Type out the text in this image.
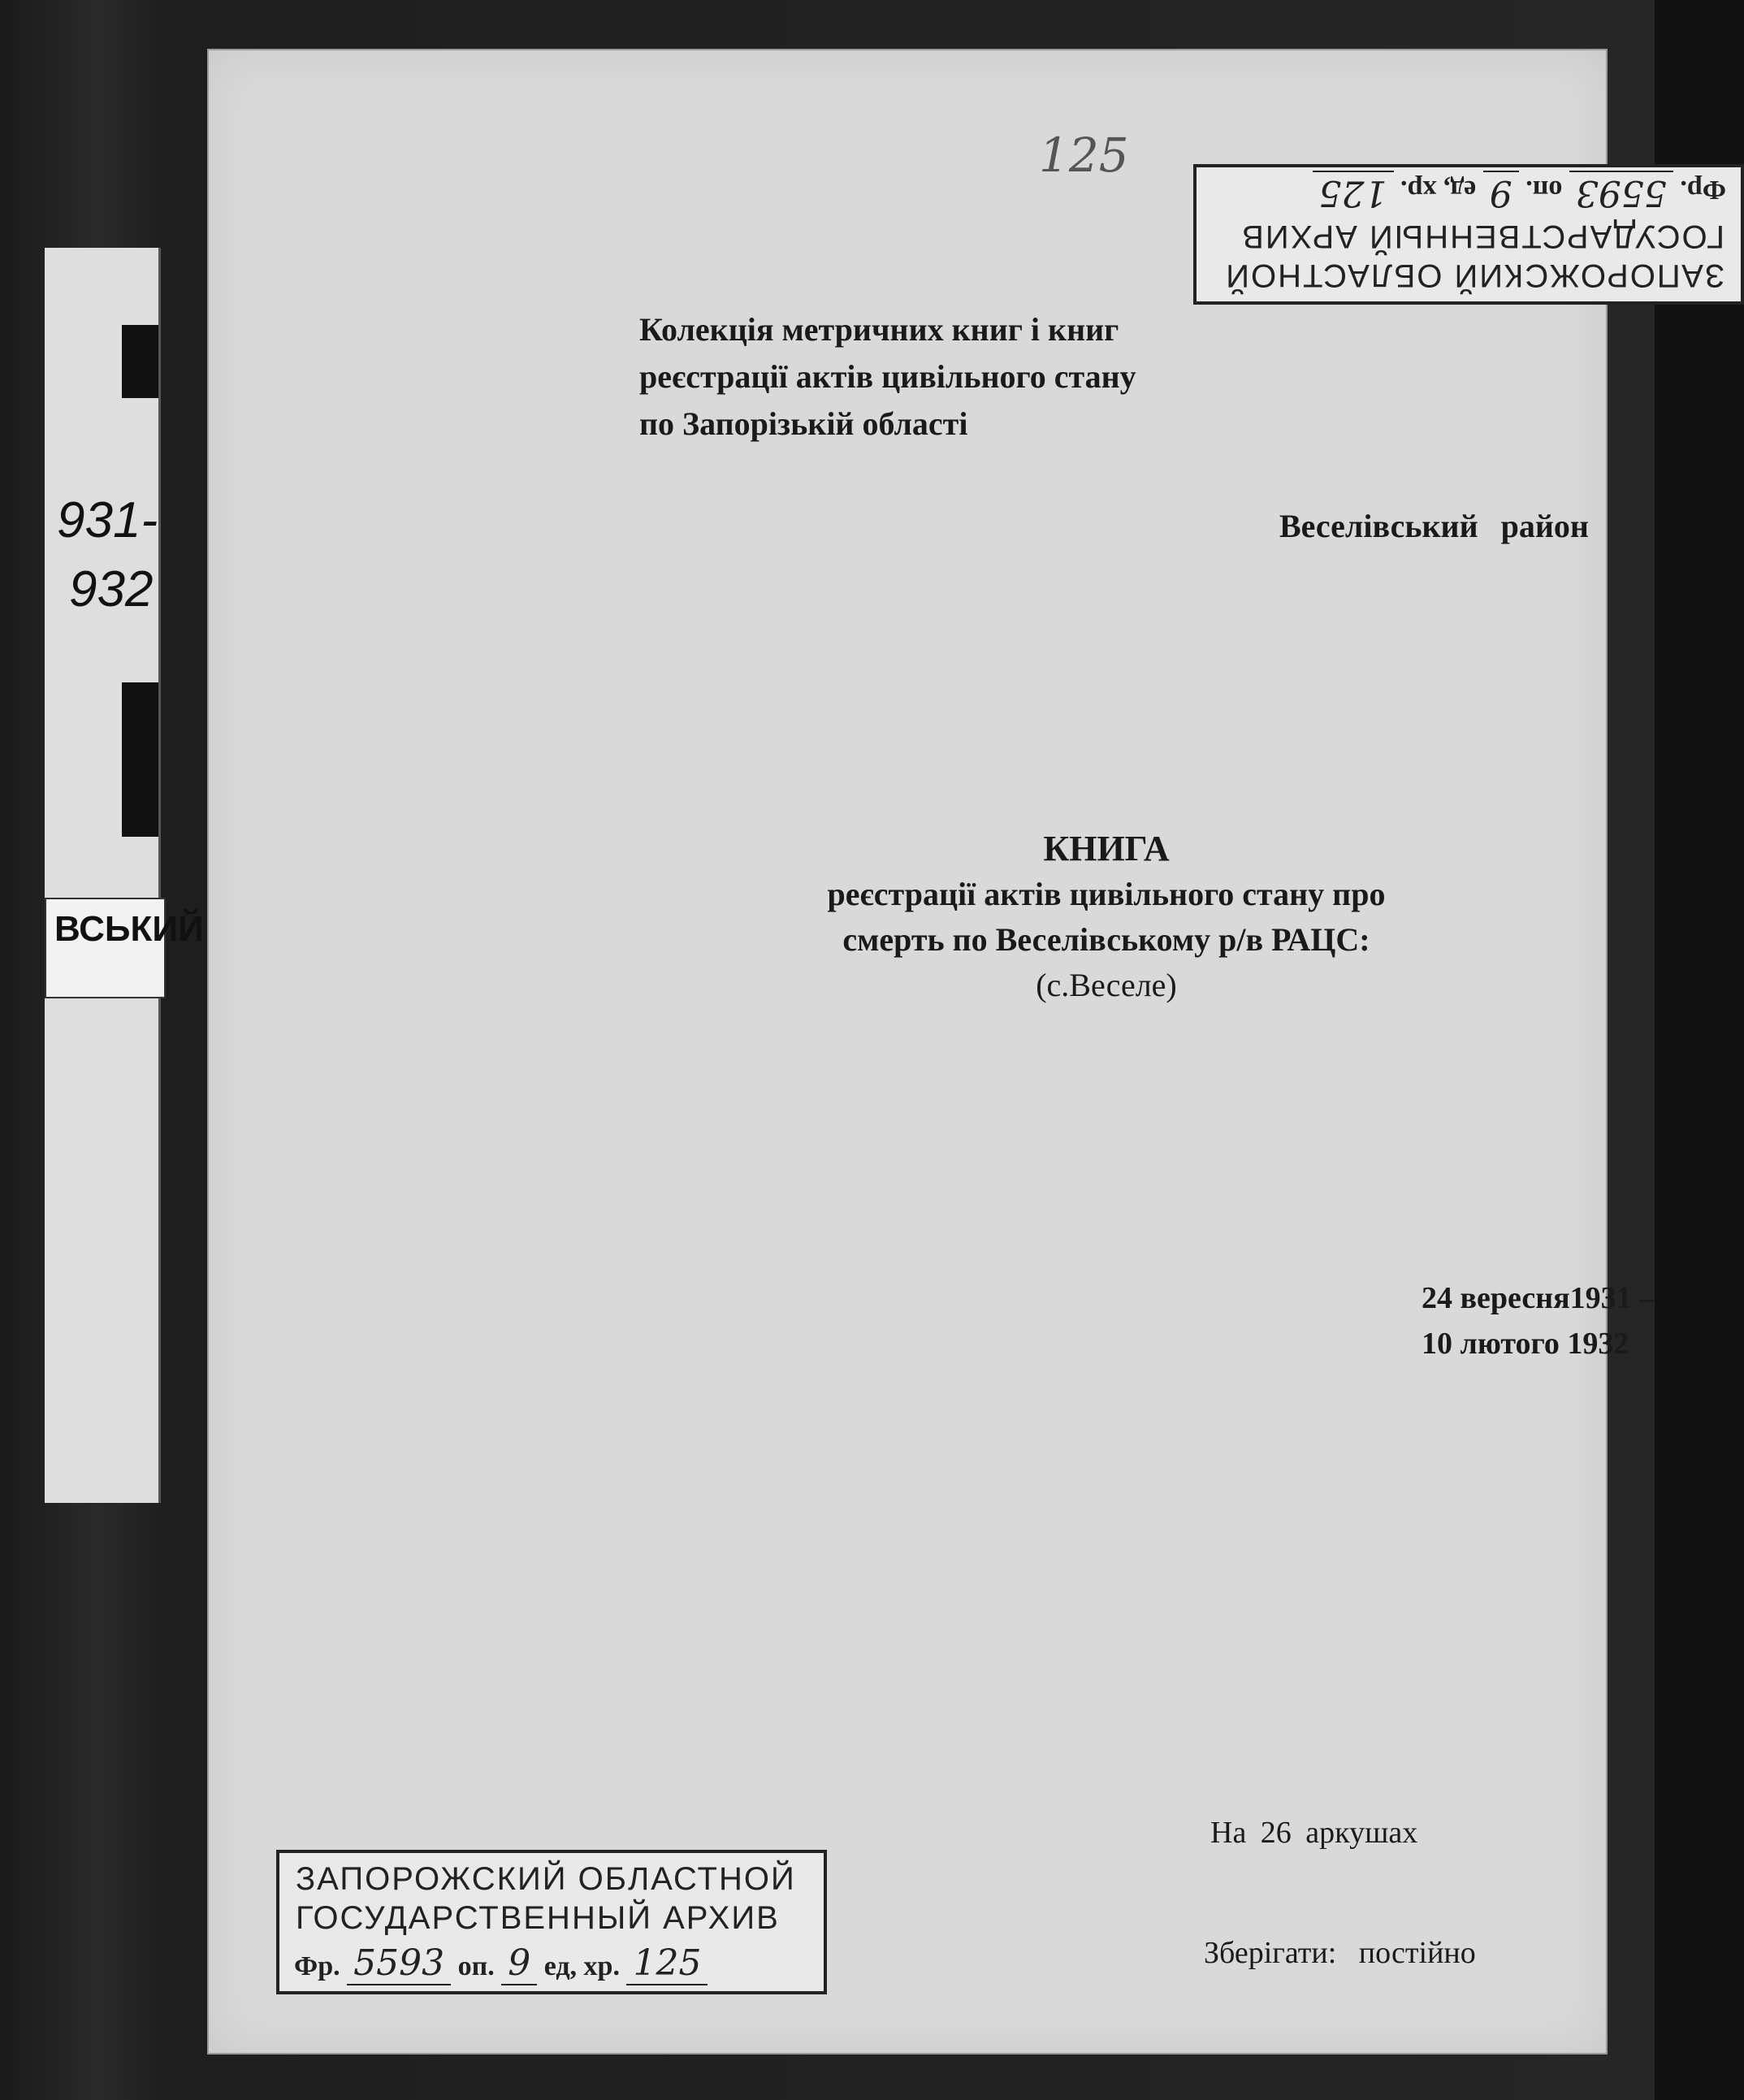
931-
932
ВСЬКИЙ
125
ЗАПОРОЖСКИЙ ОБЛАСТНОЙ
ГОСУДАРСТВЕННЫЙ АРХИВ
Фр. 5593 оп. 9 ед, хр. 125
Колекція метричних книг і книг
реєстрації актів цивільного стану
по Запорізькій області
Веселівський район
КНИГА
реєстрації актів цивільного стану про
смерть по Веселівському р/в РАЦС:
(с.Веселе)
24 вересня1931 –
10 лютого 1932
На 26 аркушах
Зберігати: постійно
ЗАПОРОЖСКИЙ ОБЛАСТНОЙ
ГОСУДАРСТВЕННЫЙ АРХИВ
Фр. 5593 оп. 9 ед, хр. 125
